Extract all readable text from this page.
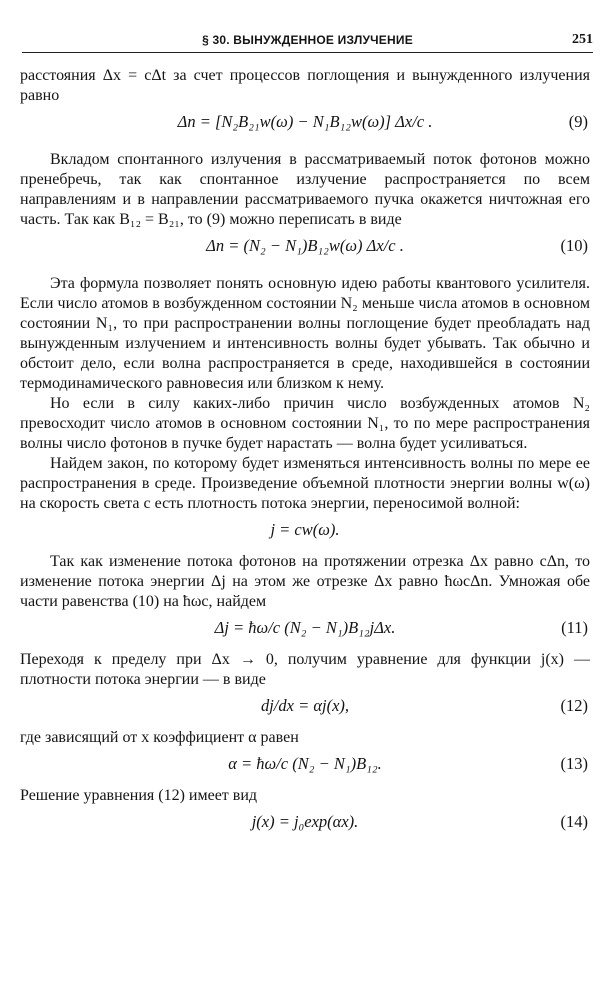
§ 30. ВЫНУЖДЕННОЕ ИЗЛУЧЕНИЕ	251

расстояния Δx = cΔt за счет процессов поглощения и вынужденного излучения равно

Δn = [N₂B₂₁w(ω) − N₁B₁₂w(ω)] Δx/c .	(9)

Вкладом спонтанного излучения в рассматриваемый поток фотонов можно пренебречь, так как спонтанное излучение распространяется по всем направлениям и в направлении рассматриваемого пучка окажется ничтожная его часть. Так как B₁₂ = B₂₁, то (9) можно переписать в виде

Δn = (N₂ − N₁)B₁₂w(ω) Δx/c .	(10)

Эта формула позволяет понять основную идею работы квантового усилителя. Если число атомов в возбужденном состоянии N₂ меньше числа атомов в основном состоянии N₁, то при распространении волны поглощение будет преобладать над вынужденным излучением и интенсивность волны будет убывать. Так обычно и обстоит дело, если волна распространяется в среде, находившейся в состоянии термодинамического равновесия или близком к нему.

Но если в силу каких-либо причин число возбужденных атомов N₂ превосходит число атомов в основном состоянии N₁, то по мере распространения волны число фотонов в пучке будет нарастать — волна будет усиливаться.

Найдем закон, по которому будет изменяться интенсивность волны по мере ее распространения в среде. Произведение объемной плотности энергии волны w(ω) на скорость света c есть плотность потока энергии, переносимой волной:

j = cw(ω).

Так как изменение потока фотонов на протяжении отрезка Δx равно cΔn, то изменение потока энергии Δj на этом же отрезке Δx равно ħωcΔn. Умножая обе части равенства (10) на ħωc, найдем

Δj = ħω/c (N₂ − N₁)B₁₂jΔx.	(11)

Переходя к пределу при Δx → 0, получим уравнение для функции j(x) — плотности потока энергии — в виде

dj/dx = αj(x),	(12)

где зависящий от x коэффициент α равен

α = ħω/c (N₂ − N₁)B₁₂.	(13)

Решение уравнения (12) имеет вид

j(x) = j₀exp(αx).	(14)
